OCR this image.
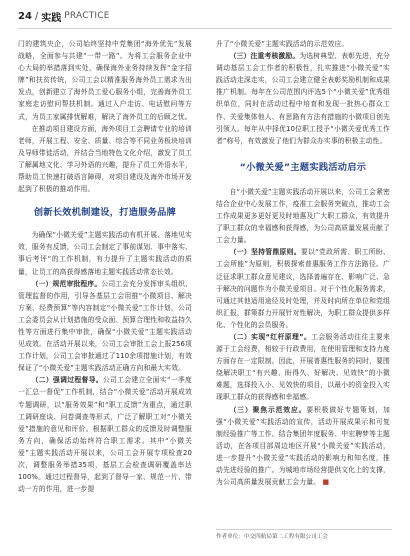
24 / 实践 PRACTICE

门的建筑央企，公司始终坚持中党集团“海外优先”发展战略，全面参与共建“一带一路”。为将工会服务企业中心大局的举措落到实处，确保海外业务持续发挥“金字招牌”和扶贫传统，公司工会以精准服务海外员工需求为出发点，创新建立了海外员工爱心服务小组，完善海外员工家庭走访慰问帮扶机制。通过入户走访、电话慰问等方式，为员工家属排忧解难，解决了海外员工的后顾之忧。

在推动项目建设方面，海外项目工会聘请专业的培训老师，开展工程、安全、质量、综合等不同业务板块培训及导师带徒活动，并结合当地特色文化介绍，激发了员工了解属地文化、学习外语的兴趣，提升了员工外语水平，帮助员工快速打破语言障碍，对项目建设及海外市场开发起到了积极的推动作用。

创新长效机制建设，打造服务品牌

为确保“小微关爱”主题实践活动有机开展、落地见实效，服务有反馈，公司工会制定了事前谋划、事中落实、事后考评“的工作机制，有力提升了主题实践活动的质量，让员工的高获得感落地主题实践活动常态长效。

（一）规范审批程序。公司工会充分发挥审头组织、管理监督的作用，引导各基层工会用推“小微项目、解决方案、经费预算”等内容制定“小微关爱”工作计划，公司工会委员会从计划措施的受众面、预算合理性和收益持久性等方面进行集中审批，确保“小微关爱”主题实践活动见成效。在活动开展以来，公司工会审批工会上报256项工作计划，公司工会审批通过了110余项措施计划，有效保证了“小微关爱”主题实践活动正确方向和最大实效。

（二）强调过程督导。公司工会建立全面实“一季度一汇总一督促”工作机制，结合“小微关爱”活动开展成效专题调研，以“服务效果”和“职工反馈”为重点，通过职工调研座谈、问卷调查等形式，广泛了解职工对“小微关爱”措施的意见和评价。根据职工群众的反馈及时调整服务方向，确保活动始终符合职工需求。其中“小微关爱”主题实践活动开展以来，公司工会开展专项检查20次，调整服务举措35项，基层工会检查调研覆盖率达100%。通过过程督导，起到了督导一家、规范一片、带动一方的作用，进一步提

升了“小微关爱”主题实践活动的示范效应。

（三）注重考核激励。为选树典型、表彰先进，充分调动基层工会工作者的积极性，扎实推进“小微关爱”实践活动走深走实，公司工会建立健全表彰奖励机制和成果推广机制。每年在公司范围内评选5个“小微关爱”优秀组织单位，同时在活动过程中培育和发现一批热心群众工作、关爱集体他人、有思路有方法有措施的小微项目创先引领人。每年从中择优10位职工授予“小微关爱优秀工作者”称号，有效激发了他们为群众办实事的积极主动性。

“小微关爱”主题实践活动启示

自“小微关爱”主题实践活动开展以来，公司工会紧密结合企业中心发展工作，疫准工会服务突破点，推动工会工作成果更多更好更及时地惠及广大职工群众，有效提升了职工群众的幸福感和获得感，为公司高质量发展贡献了工会力量。

（一）坚持管鼎原则。要以“党政所需、职工所盼、工会所能”为原则，积极探索普惠服务工作方法路径。广泛征求职工群众意见建议，选择普遍存在、影响广泛、急于解决的问题作为小微关爱项目。对于个性化服务需求，可通过其他适用途径及时处理，并及时向所在单位和党组织汇报，群策群力开展针对性解决，为职工群众提供多样化、个性化的会员服务。

（二）实现“红杆原理”。工会服务活动往往主要来源于工会经费，相较于行政费用，在使用管理和支持力度方面存在一定限制。因此，开展普惠性服务的同时，要围绕解决职工“有兴趣、盼得久、好解决、见效快”的小微难题，选择投入小、见效快的项目，以最小的资金投入实现职工群众的获得感和幸福感。

（三）聚焦示范效应。要积极做好专题策划，加强“小微关爱”实践活动的宣传，活动开展成果示和可复制经验推广等工作。结合集团年度服务、中宏聘梦等主题活动，在各项目部周边地区开展“小微关爱”实践活动，进一步提升“小微关爱”实践活动的影响力和知名度，推动先进经验的推广。为城地市场经营提供文化上的支撑，为公司高质量发展贡献工会力量。 ■

作者单位：中交四航局第二工程有限公司工会
